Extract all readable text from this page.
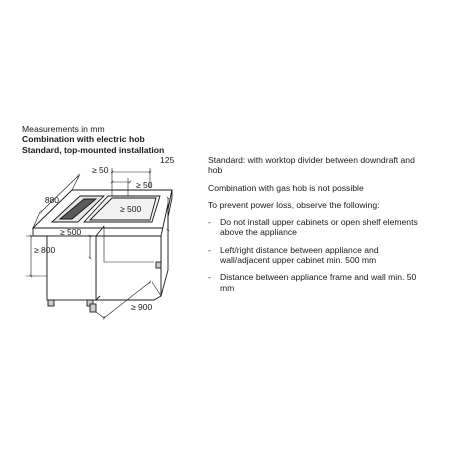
Measurements in mm
Combination with electric hob
Standard, top-mounted installation
125
≥ 50
≥ 50
880
≥ 500
≥ 500
≥ 800
≥ 900

Standard: with worktop divider between downdraft and hob

Combination with gas hob is not possible

To prevent power loss, observe the following:

- Do not install upper cabinets or open shelf elements above the appliance
- Left/right distance between appliance and wall/adjacent upper cabinet min. 500 mm
- Distance between appliance frame and wall min. 50 mm
